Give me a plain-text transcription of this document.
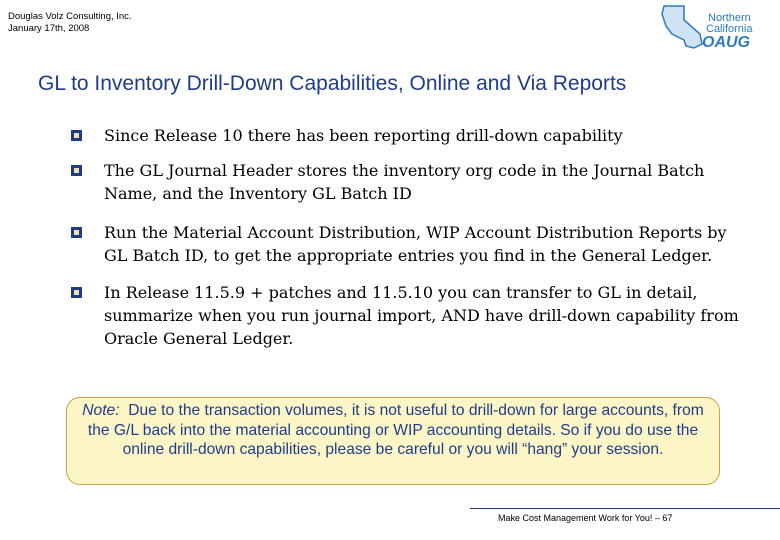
Douglas Volz Consulting, Inc.
January 17th, 2008
Northern
California
OAUG
GL to Inventory Drill-Down Capabilities, Online and Via Reports
Since Release 10 there has been reporting drill-down capability
The GL Journal Header stores the inventory org code in the Journal Batch Name, and the Inventory GL Batch ID
Run the Material Account Distribution, WIP Account Distribution Reports by GL Batch ID, to get the appropriate entries you find in the General Ledger.
In Release 11.5.9 + patches and 11.5.10 you can transfer to GL in detail, summarize when you run journal import, AND have drill-down capability from Oracle General Ledger.
Note: Due to the transaction volumes, it is not useful to drill-down for large accounts, from the G/L back into the material accounting or WIP accounting details. So if you do use the online drill-down capabilities, please be careful or you will “hang” your session.
Make Cost Management Work for You! – 67
